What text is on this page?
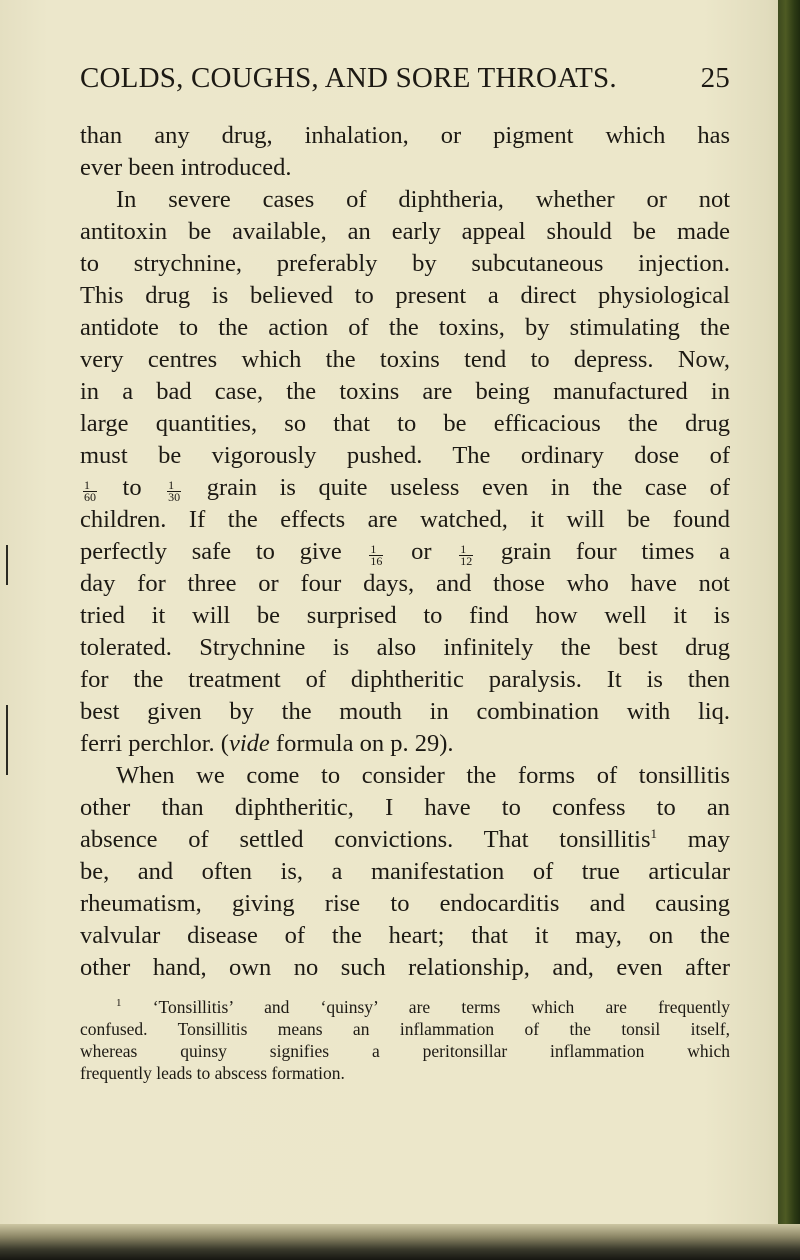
COLDS, COUGHS, AND SORE THROATS.	25
than any drug, inhalation, or pigment which has
ever been introduced.
In severe cases of diphtheria, whether or not
antitoxin be available, an early appeal should be made
to strychnine, preferably by subcutaneous injection.
This drug is believed to present a direct physiological
antidote to the action of the toxins, by stimulating the
very centres which the toxins tend to depress. Now,
in a bad case, the toxins are being manufactured in
large quantities, so that to be efficacious the drug
must be vigorously pushed. The ordinary dose of
$\frac{1}{60}$ to $\frac{1}{30}$ grain is quite useless even in the case of
children. If the effects are watched, it will be found
perfectly safe to give $\frac{1}{16}$ or $\frac{1}{12}$ grain four times a
day for three or four days, and those who have not
tried it will be surprised to find how well it is
tolerated. Strychnine is also infinitely the best drug
for the treatment of diphtheritic paralysis. It is then
best given by the mouth in combination with liq.
ferri perchlor. (vide formula on p. 29).
When we come to consider the forms of tonsillitis
other than diphtheritic, I have to confess to an
absence of settled convictions. That tonsillitis$^1$ may
be, and often is, a manifestation of true articular
rheumatism, giving rise to endocarditis and causing
valvular disease of the heart; that it may, on the
other hand, own no such relationship, and, even after
$^1$ ‘Tonsillitis’ and ‘quinsy’ are terms which are frequently
confused. Tonsillitis means an inflammation of the tonsil itself,
whereas quinsy signifies a peritonsillar inflammation which
frequently leads to abscess formation.
